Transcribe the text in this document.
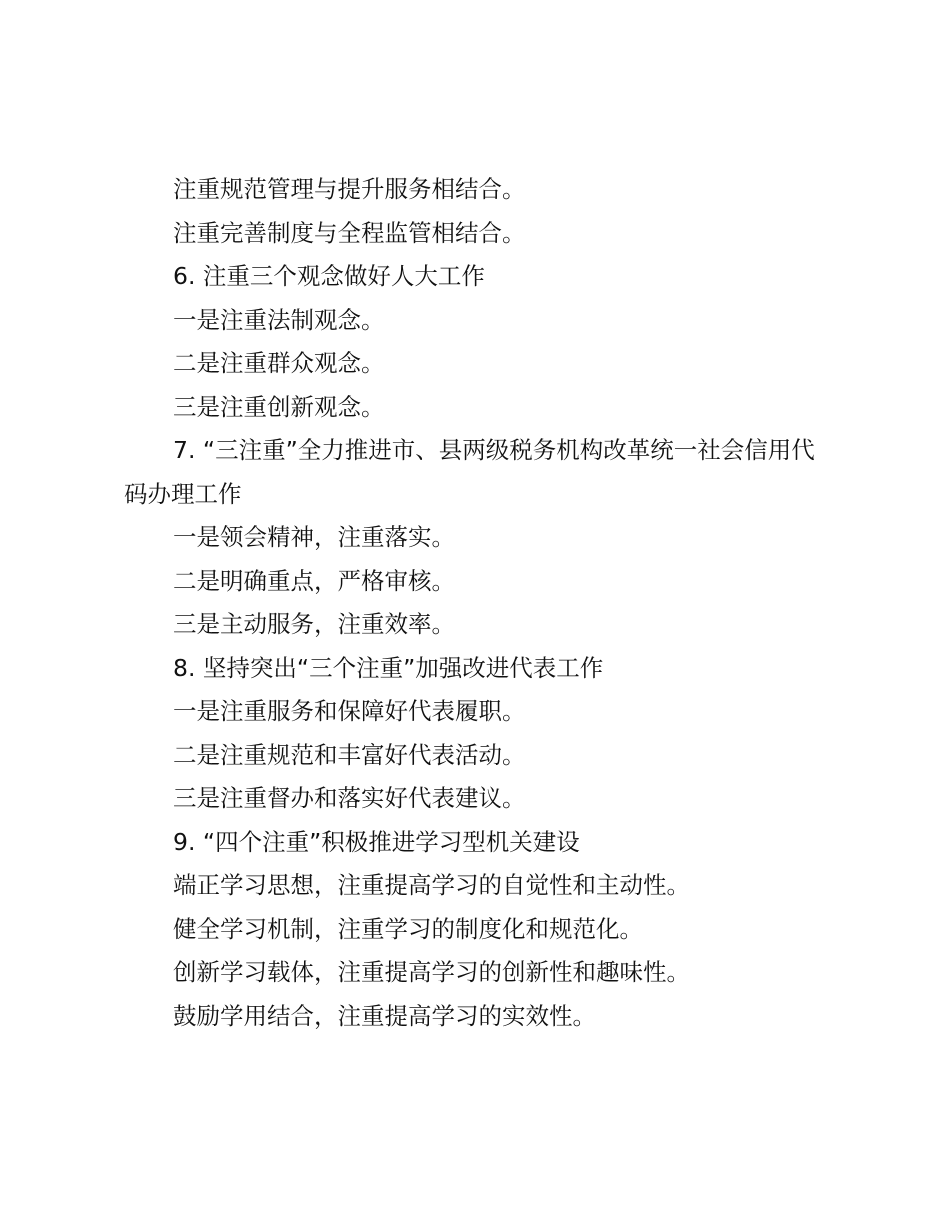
注重规范管理与提升服务相结合。
注重完善制度与全程监管相结合。
6. 注重三个观念做好人大工作
一是注重法制观念。
二是注重群众观念。
三是注重创新观念。
7. “三注重”全力推进市、县两级税务机构改革统一社会信用代码办理工作
一是领会精神，注重落实。
二是明确重点，严格审核。
三是主动服务，注重效率。
8. 坚持突出“三个注重”加强改进代表工作
一是注重服务和保障好代表履职。
二是注重规范和丰富好代表活动。
三是注重督办和落实好代表建议。
9. “四个注重”积极推进学习型机关建设
端正学习思想，注重提高学习的自觉性和主动性。
健全学习机制，注重学习的制度化和规范化。
创新学习载体，注重提高学习的创新性和趣味性。
鼓励学用结合，注重提高学习的实效性。
